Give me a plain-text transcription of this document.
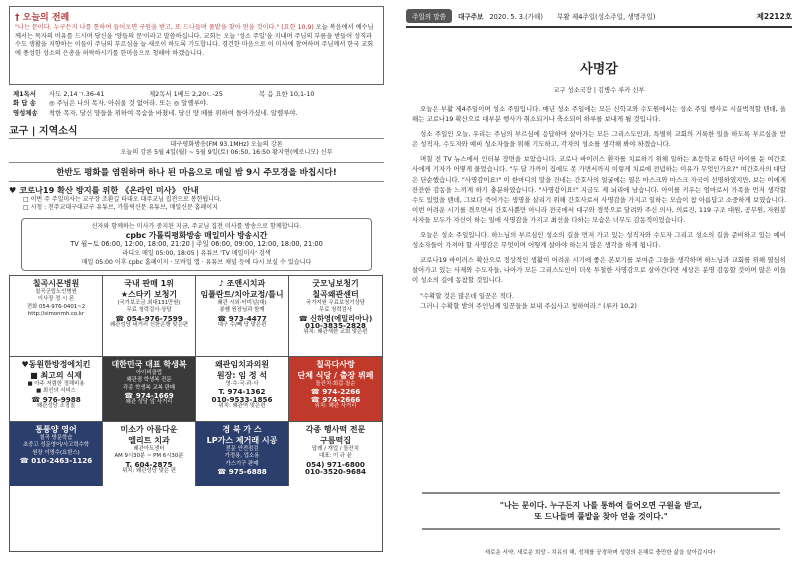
† 오늘의 전례
"나는 문이다. 누구든지 나를 통하여 들어오면 구원을 받고, 또 드나들며 풀밭을 찾아 얻을 것이다." (요한 10,9) 오늘 복음에서 예수님께서는 목자의 비유를 드시며 당신을 '양들의 문'이라고 말씀하십니다. 교회는 오늘 '성소 주일'을 지내며 주님의 부름을 받들어 성직과 수도 생활을 지향하는 이들이 주님의 부르심을 늘 새로이 하도록 기도합니다. 경건한 마음으로 이 미사에 참여하며 주님께서 한국 교회에 풍성한 성소의 은총을 허락하시기를 한마음으로 청해야 하겠습니다.
제1독서	사도 2,14ㄱ.36-41	제2독서 1베드 2,20ㄴ-25	복 음 요한 10,1-10
화 답 송	◎ 주님은 나의 목자, 아쉬울 것 없어라. 또는 ◎ 알렐루야.
영성체송	착한 목자, 당신 양들을 위하여 목숨을 바쳤네. 당신 양 떼를 위하여 돌아가셨네. 알렐루야.
교구 | 지역소식
대구평화방송(FM 93.1MHz) 오늘의 강론
오늘의 강론 5월 4일(월) ~ 5월 9일(토) 06:50, 16:50 황지연(예로니모) 신부
한반도 평화를 염원하며 하나 된 마음으로 매일 밤 9시 주모경을 바칩시다!
♥ 코로나19 확산 방지를 위한 《온라인 미사》 안내
□ 이번 주 주일미사는 교구장 조환길 타대오 대주교님 집전으로 봉헌됩니다.
□ 시청 : 천주교대구대교구 유튜브, 가톨릭신문 유튜브, 매일신문 홈페이지
신자와 함께하는 미사가 중지된 지금, 주교님 집전 미사를 방송으로 함께합니다.
cpbc 가톨릭평화방송 매일미사 방송시간
TV 월~토 06:00, 12:00, 18:00, 21:20 | 주일 06:00, 09:00, 12:00, 18:00, 21:00
라디오 매일 05:00, 18:05 | 유튜브 'TV 매일미사' 검색
매일 05:00 이후 cpbc 홈페이지 · 모바일 앱 · 유튜브 채널 등에 다시 보실 수 있습니다
칠곡시몬병원
칠곡군립노인병원
이사장 정 시 몬
전화 054-976-0401~2
http://simonmh.co.kr
국내 판매 1위
★스타키 보청기
(국가보조금 최대131만원)
무료 청력검사·상담
☎ 054-976-7599
왜관성당 네거리 신한은행 맞은편
♪ 조앤시치과
임플란트/치아교정/틀니
왜관 시외·터미널(대)
봉쌤 원장님과 함께
☎ 973-4477
대구 수/빼 당 맞은편
굿모닝보청기
칠곡왜관센터
국가지원 무료보청기상담
무료 청력검사
☎ 신하영(에밀리아나)
010-3835-2828
위치: 왜관새한 교회 맞은편
♥동원한방정에치킨
■ 최고의 식재
■ 아주 저렴한 정해비용
■ 최선의 서비스
☎ 976-9988
왜관성당 조정칠
대한민국 대표 학생복
아이비클럽
왜관점 학생복 전문
각종 학생복 교복 판매
☎ 974-1669
왜관 성당 앞 사거리
왜관임치과의원
원장: 임 정 석
영·수·국·과·사
T. 974-1362
010-9533-1856
위치: 왜관역 맞은편
칠곡다사랑
단체 식당 / 출장 뷔페
돌잔치·회갑·칠순
☎ 974-2266
☎ 974-2666
위치: 왜관 사거리
통풍양 영어
칠곡 방문학습
초중고 성문영어/사고력수학
원장 이명수(요한스)
☎ 010-2463-1126
미소가 아름다운
엘리트 치과
왜관아트센터
AM 9시30분 ~ PM 6시30분
T. 604-2875
위치: 왜관성당 맞은 편
경 북 가 스
LP가스 제거래 시공
전문 안전점검
가정용, 업소용
가스기구 판매
☎ 975-6888
각종 행사떡 전문
구름떡집
답례 / 개업 / 돌잔치
대표: 이 규 윤
054) 971-6800
010-3520-9684
주일의 말씀	대구주보 2020. 5. 3.(가해) 부활 제4주일(성소주일, 생명주일)	제2212호
사명감
교구 성소국장 | 김병수 루카 신부

오늘은 부활 제4주일이며 성소 주일입니다. 매년 성소 주일에는 모든 신학교와 수도원에서는 성소 주일 행사로 시끌벅적할 텐데, 올해는 코로나19 확산으로 대부분 행사가 취소되거나 축소되어 하루를 보내게 될 것입니다.

성소 주일인 오늘, 우리는 주님의 부르심에 응답하며 살아가는 모든 그리스도인과, 특별히 교회의 거룩한 일을 하도록 부르심을 받은 성직자, 수도자와 예비 성소자들을 위해 기도하고, 각자의 성소를 생각해 봐야 하겠습니다.

며칠 전 TV 뉴스에서 인터뷰 장면을 보았습니다. 코로나 바이러스 환자를 치료하기 위해 일하는 초등학교 6학년 아이를 둔 여간호사에게 기자가 어떻게 물었습니다. "두 달 가까이 집에도 못 가면서까지 이렇게 치료에 전념하는 이유가 무엇인가요?" 여간호사의 대답은 단순했습니다. "사명감이요!" 이 한마디의 말을 건네는 간호사의 얼굴에는 열은 마스크와 마스크 자국이 선명하였지만, 보는 이에게 잔잔한 감동을 느끼게 하기 충분하였습니다. "사명감이요!" 지금도 제 뇌리에 남습니다. 아이를 키우는 엄마로서 가족을 먼저 생각할 수도 있었을 텐데, 그보다 죽어가는 생명을 살리기 위해 간호사로서 사명감을 가지고 일하는 모습이 참 아름답고 소중하게 보였습니다. 이번 어려운 시기를 겪으면서 간호사뿐만 아니라 전국에서 대구와 경북으로 달려와 주신 의사, 의료진, 119 구조 대원, 공무원, 자원봉사자들 모두가 자신이 하는 일에 사명감을 가지고 최선을 다하는 모습은 너무도 감동적이었습니다.

오늘은 성소 주일입니다. 하느님의 부르심인 성소의 길을 먼저 가고 있는 성직자와 수도자 그리고 성소의 길을 준비하고 있는 예비 성소자들이 가져야 할 사명감은 무엇이며 어떻게 살아야 하는지 많은 생각을 하게 됩니다.

코로나19 바이러스 확산으로 정상적인 생활이 어려운 시기에 좋은 본보기를 보여준 그들을 생각하며 하느님과 교회를 위해 열심히 살아가고 있는 사제와 수도자들, 나아가 모든 그리스도인이 더욱 투철한 사명감으로 살아간다면 세상은 분명 감동할 것이며 많은 이들이 성소의 길에 동참할 것입니다.

"수확할 것은 많은데 일꾼은 적다.

그러니 수확할 밭의 주인님께 일꾼들을 보내 주십사고 청하여라." (루카 10,2)

"나는 문이다. 누구든지 나를 통하여 들어오면 구원을 받고,
또 드나들며 풀밭을 찾아 얻을 것이다."
새로운 서약, 새로운 희망 - 치유의 해, 성체를 공경하며 성령의 은혜로 충만한 삶을 살아갑시다!
